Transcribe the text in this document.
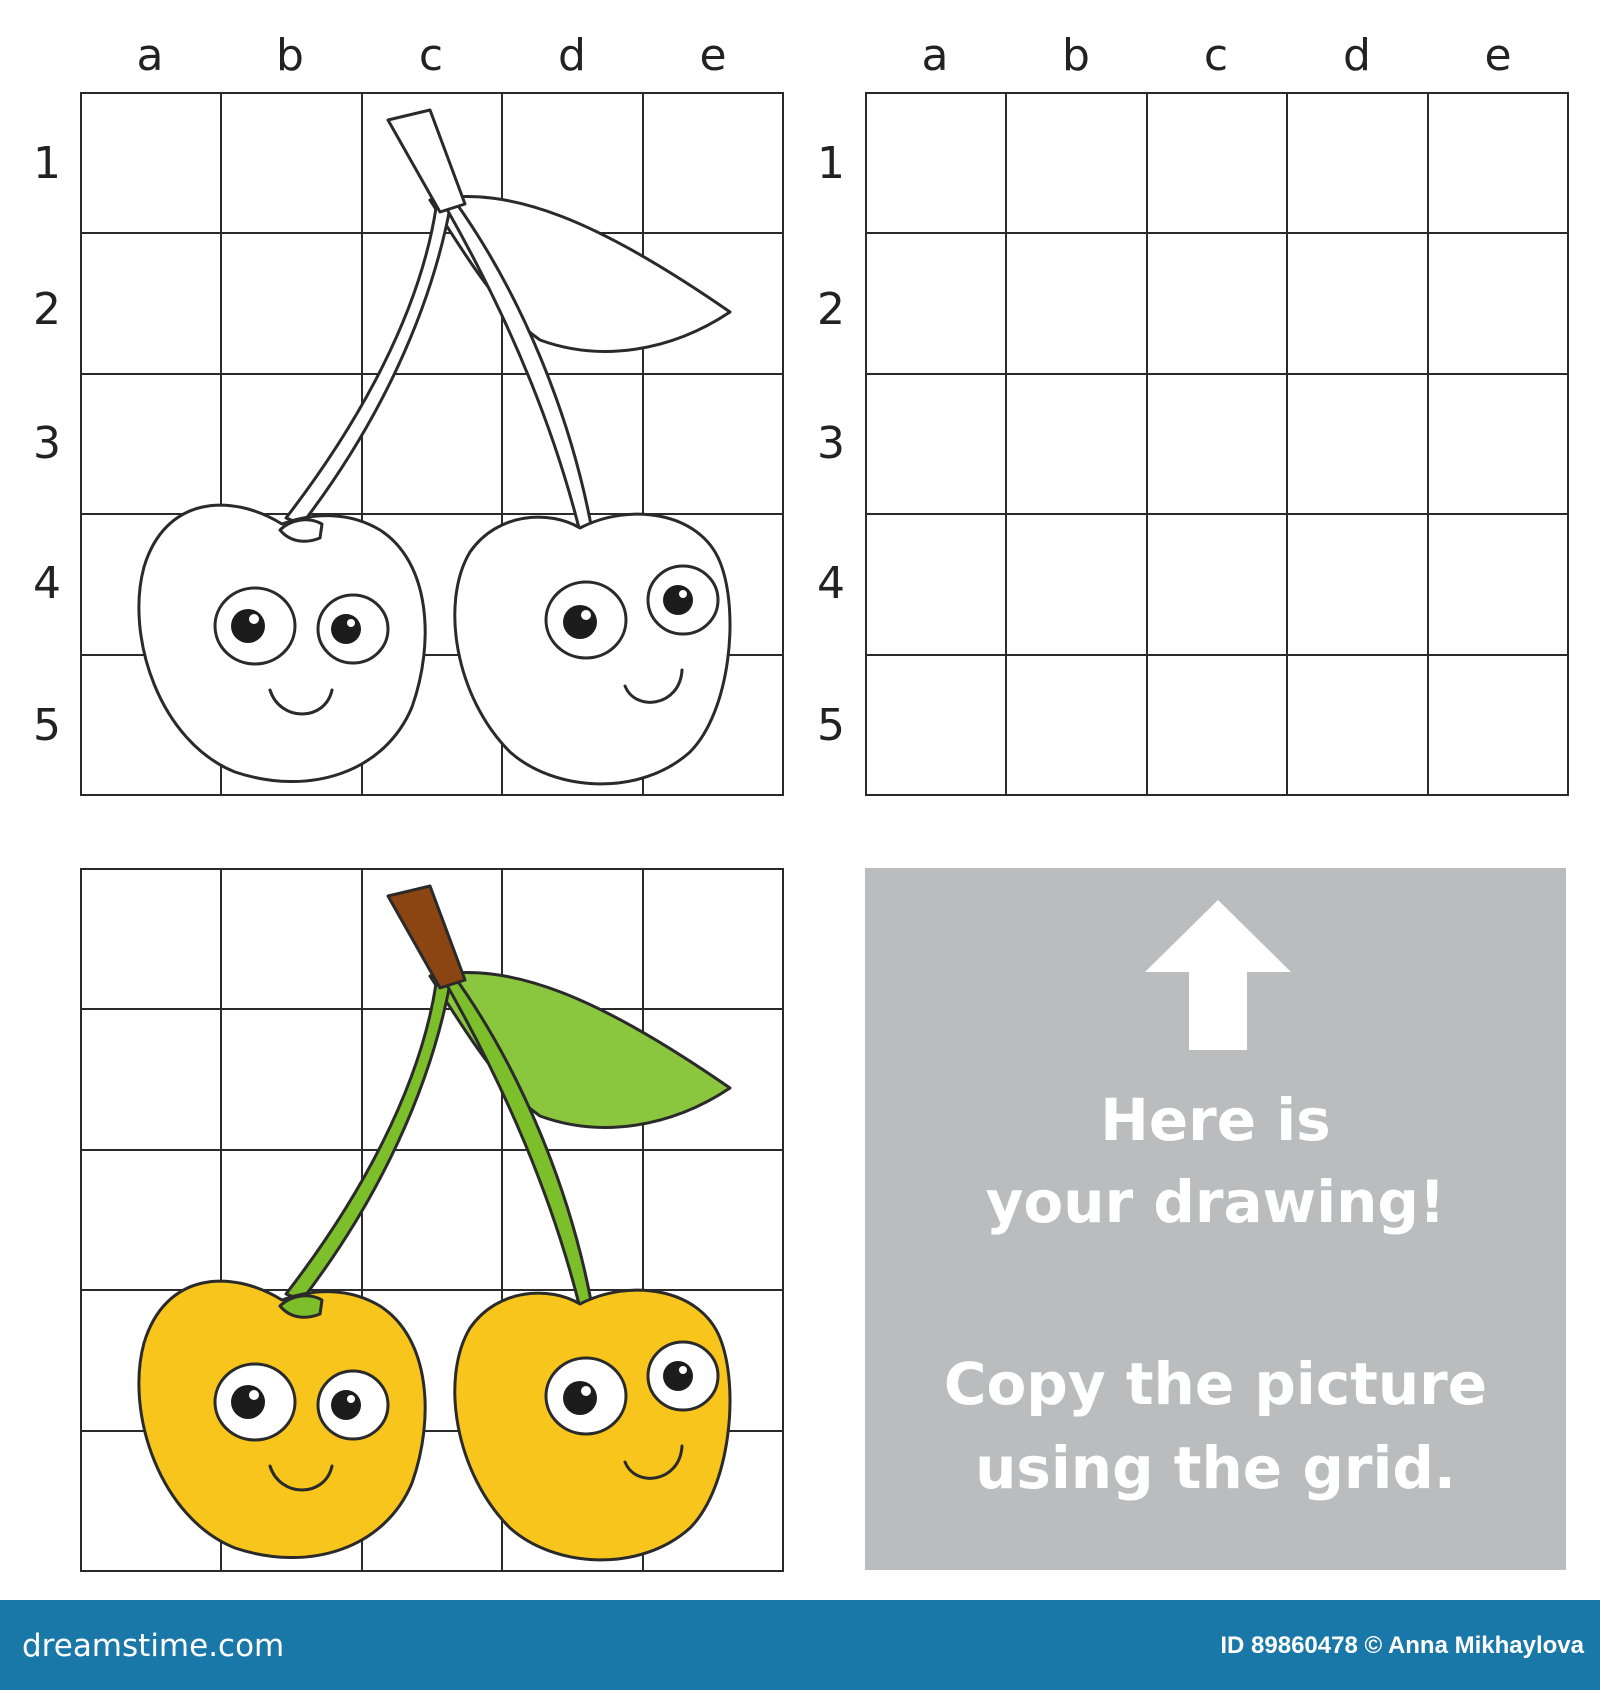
a	b	c	d	e	a	b	c	d	e
1
2
3
4
5
1
2
3
4
5
Here is
your drawing!
Copy the picture
using the grid.
dreamstime.com	ID 89860478 © Anna Mikhaylova
